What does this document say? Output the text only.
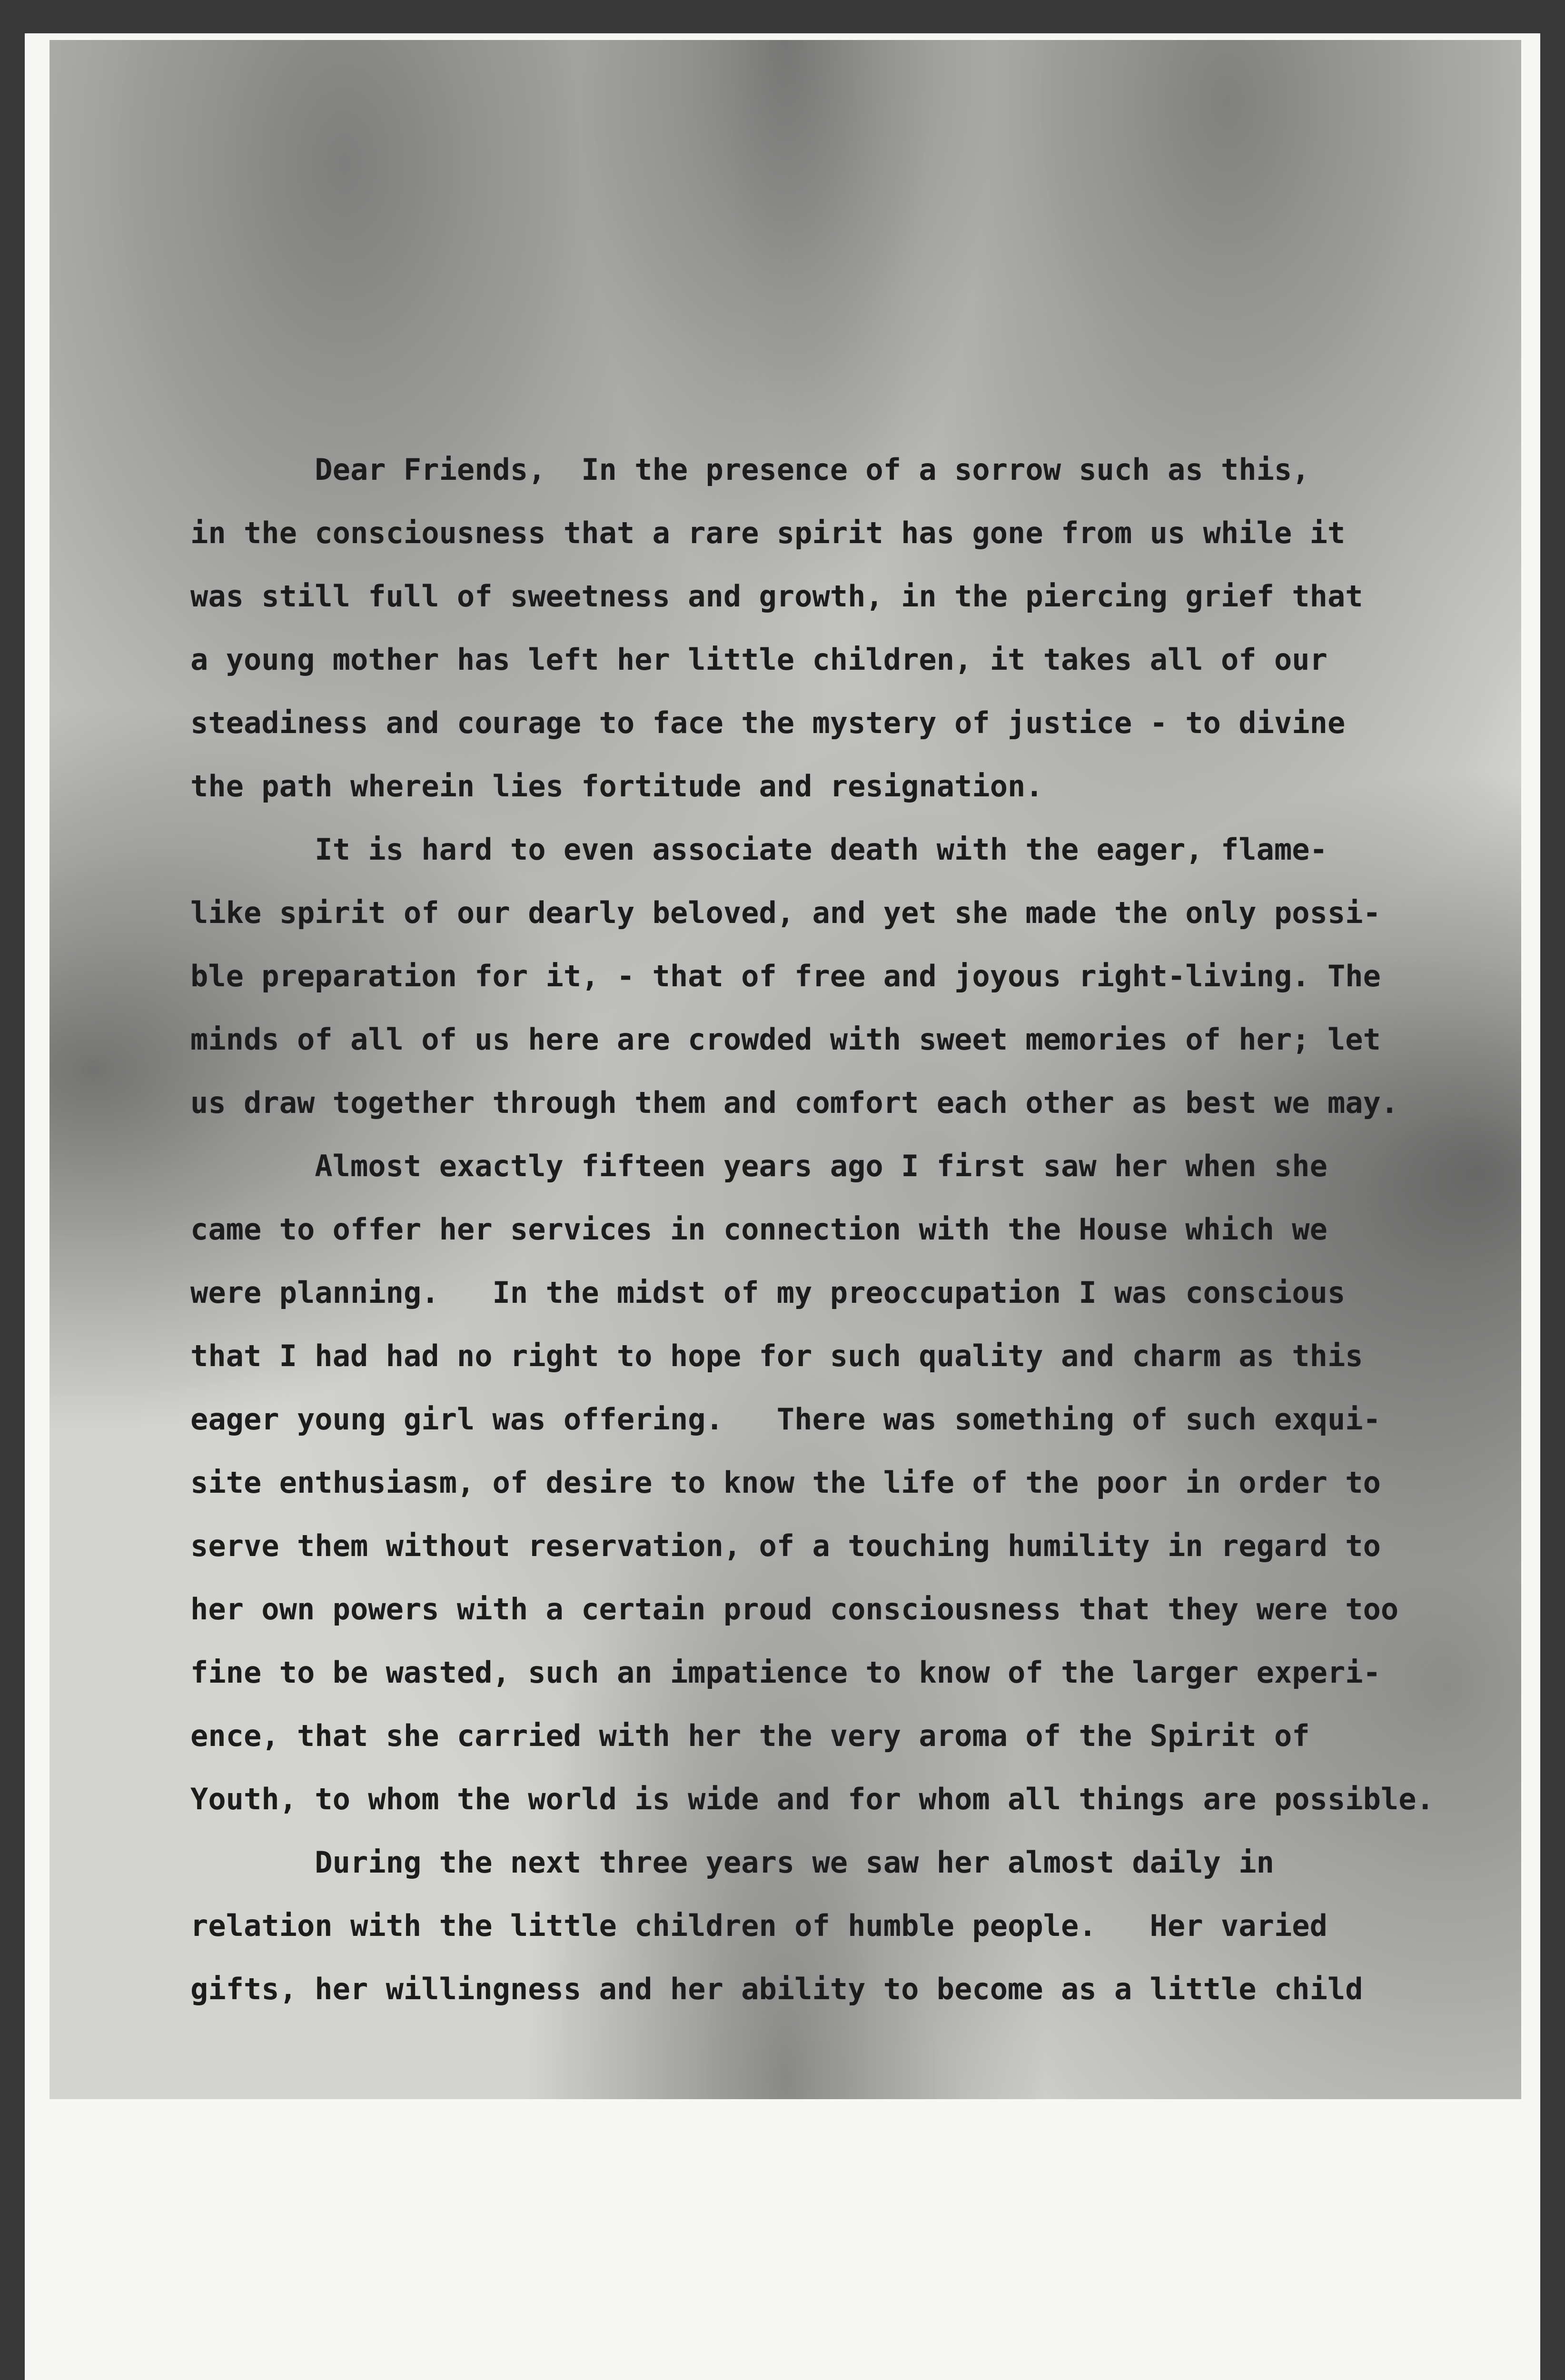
Dear Friends,  In the presence of a sorrow such as this,
in the consciousness that a rare spirit has gone from us while it
was still full of sweetness and growth, in the piercing grief that
a young mother has left her little children, it takes all of our
steadiness and courage to face the mystery of justice - to divine
the path wherein lies fortitude and resignation.
It is hard to even associate death with the eager, flame-
like spirit of our dearly beloved, and yet she made the only possi-
ble preparation for it, - that of free and joyous right-living. The
minds of all of us here are crowded with sweet memories of her; let
us draw together through them and comfort each other as best we may.
Almost exactly fifteen years ago I first saw her when she
came to offer her services in connection with the House which we
were planning.   In the midst of my preoccupation I was conscious
that I had had no right to hope for such quality and charm as this
eager young girl was offering.   There was something of such exqui-
site enthusiasm, of desire to know the life of the poor in order to
serve them without reservation, of a touching humility in regard to
her own powers with a certain proud consciousness that they were too
fine to be wasted, such an impatience to know of the larger experi-
ence, that she carried with her the very aroma of the Spirit of
Youth, to whom the world is wide and for whom all things are possible.
During the next three years we saw her almost daily in
relation with the little children of humble people.   Her varied
gifts, her willingness and her ability to become as a little child
